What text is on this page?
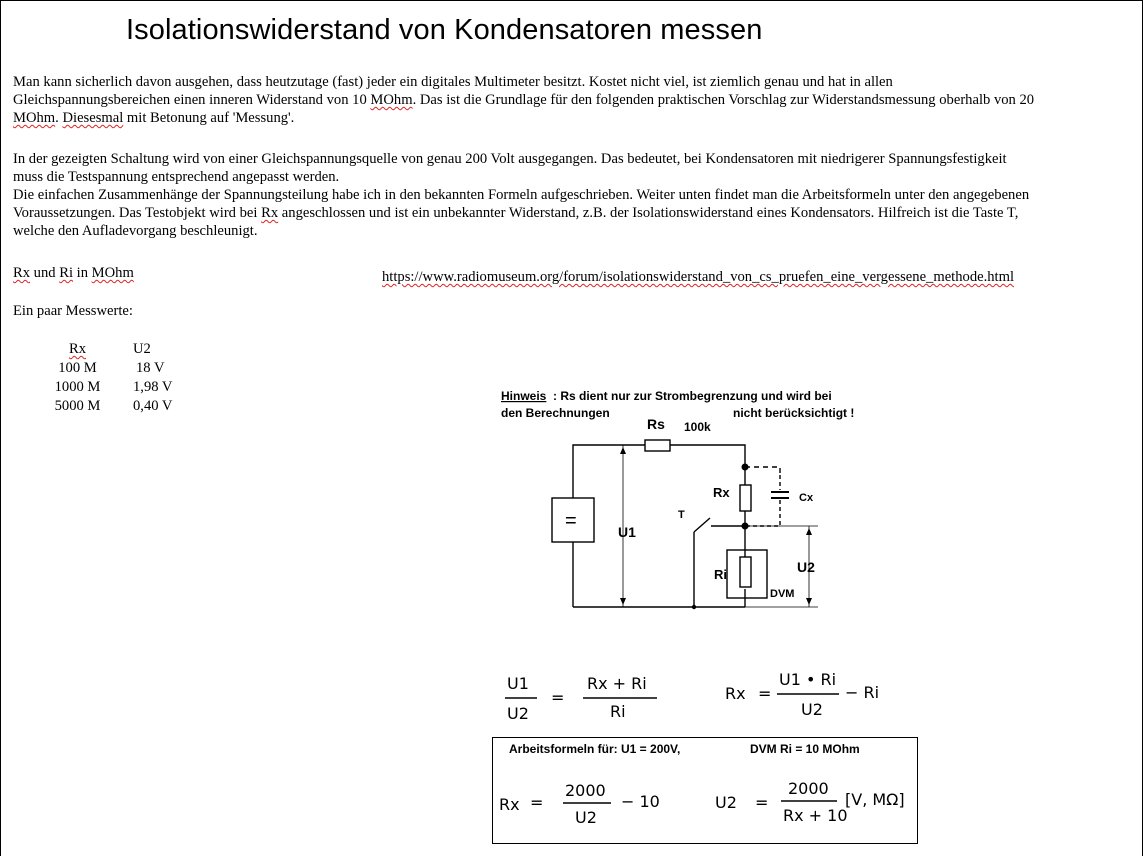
Isolationswiderstand von Kondensatoren messen
Man kann sicherlich davon ausgehen, dass heutzutage (fast) jeder ein digitales Multimeter besitzt. Kostet nicht viel, ist ziemlich genau und hat in allen
Gleichspannungsbereichen einen inneren Widerstand von 10 MOhm. Das ist die Grundlage für den folgenden praktischen Vorschlag zur Widerstandsmessung oberhalb von 20
MOhm. Diesesmal mit Betonung auf 'Messung'.
In der gezeigten Schaltung wird von einer Gleichspannungsquelle von genau 200 Volt ausgegangen. Das bedeutet, bei Kondensatoren mit niedrigerer Spannungsfestigkeit
muss die Testspannung entsprechend angepasst werden.
Die einfachen Zusammenhänge der Spannungsteilung habe ich in den bekannten Formeln aufgeschrieben. Weiter unten findet man die Arbeitsformeln unter den angegebenen
Voraussetzungen. Das Testobjekt wird bei Rx angeschlossen und ist ein unbekannter Widerstand, z.B. der Isolationswiderstand eines Kondensators. Hilfreich ist die Taste T,
welche den Aufladevorgang beschleunigt.
Rx und Ri in MOhm	https://www.radiomuseum.org/forum/isolationswiderstand_von_cs_pruefen_eine_vergessene_methode.html
Ein paar Messwerte:
Rx	U2
100 M	18 V
1000 M	1,98 V
5000 M	0,40 V
Hinweis : Rs dient nur zur Strombegrenzung und wird bei
den Berechnungen	nicht berücksichtigt !
Rs 100k
Rx	Cx
T
U1
U2
Ri
DVM
=
U1
U2
=
Rx + Ri
Ri
Rx =
U1 • Ri
U2
− Ri
Arbeitsformeln für: U1 = 200V,	DVM Ri = 10 MOhm
Rx =
2000
U2
− 10	U2 =
2000
Rx + 10
[V, MΩ]
